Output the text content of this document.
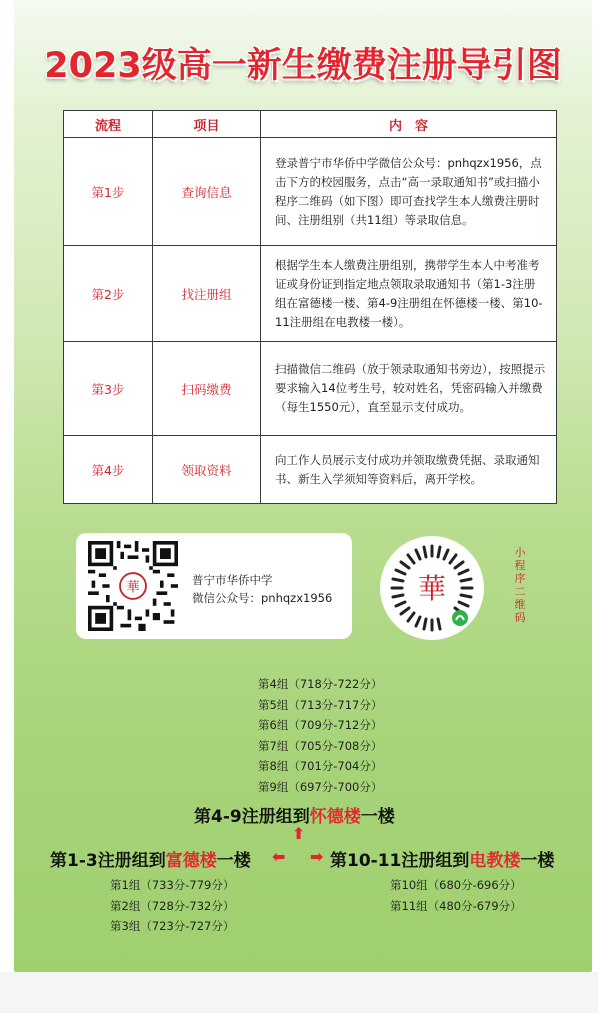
2023级高一新生缴费注册导引图
流程	项目	内　容
第1步	查询信息	登录普宁市华侨中学微信公众号：pnhqzx1956，点击下方的校园服务，点击“高一录取通知书”或扫描小程序二维码（如下图）即可查找学生本人缴费注册时间、注册组别（共11组）等录取信息。
第2步	找注册组	根据学生本人缴费注册组别，携带学生本人中考准考证或身份证到指定地点领取录取通知书（第1-3注册组在富德楼一楼、第4-9注册组在怀德楼一楼、第10-11注册组在电教楼一楼）。
第3步	扫码缴费	扫描微信二维码（放于领录取通知书旁边），按照提示要求输入14位考生号，较对姓名，凭密码输入并缴费（每生1550元），直至显示支付成功。
第4步	领取资料	向工作人员展示支付成功并领取缴费凭据、录取通知书、新生入学须知等资料后，离开学校。
華	普宁市华侨中学
微信公众号：pnhqzx1956	華
小程序二维码
第4组（718分-722分）
第5组（713分-717分）
第6组（709分-712分）
第7组（705分-708分）
第8组（701分-704分）
第9组（697分-700分）
第4-9注册组到怀德楼一楼
⬆
第1-3注册组到富德楼一楼 ⬅ ➡ 第10-11注册组到电教楼一楼
第1组（733分-779分）
第2组（728分-732分）
第3组（723分-727分）
第10组（680分-696分）
第11组（480分-679分）
